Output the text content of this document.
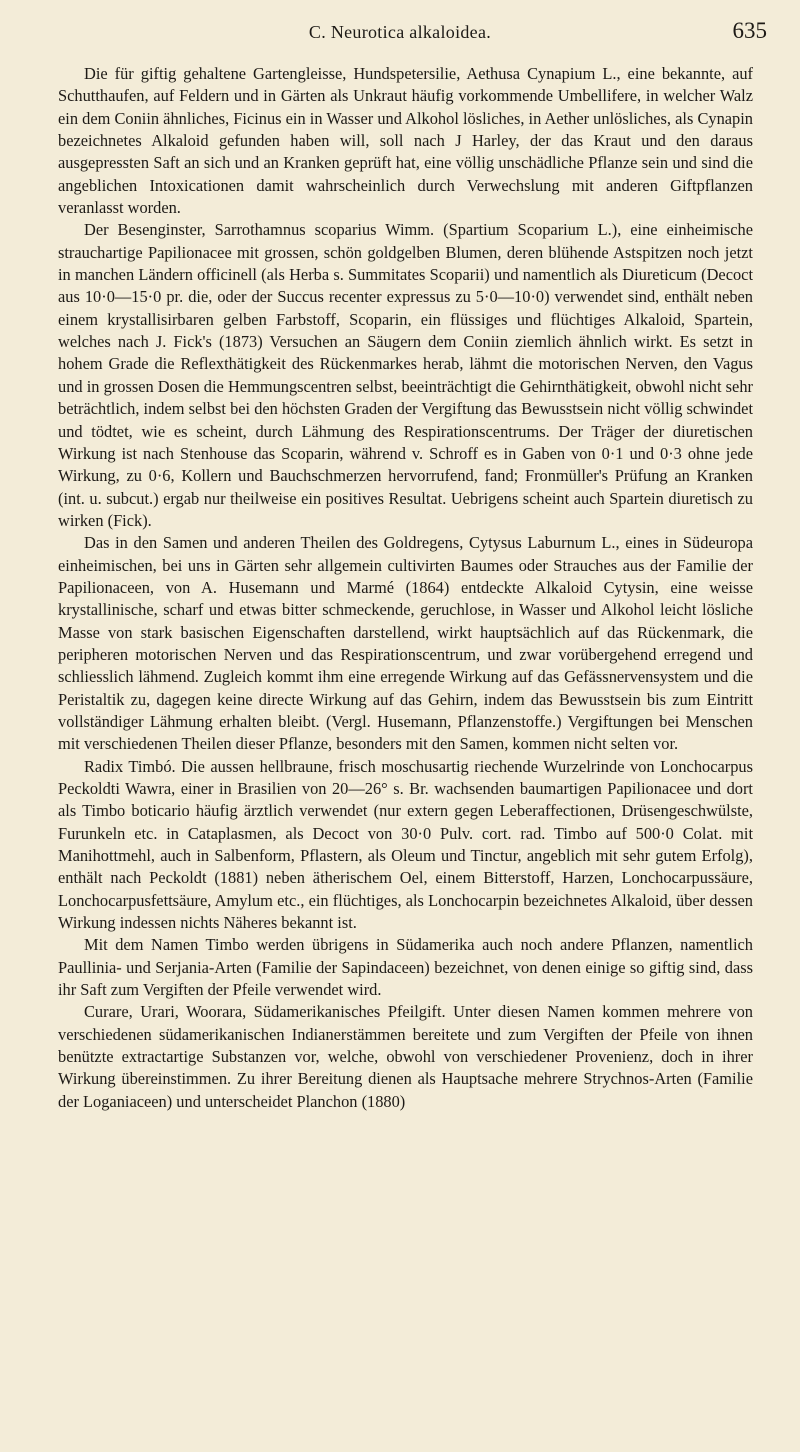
C. Neurotica alkaloidea.	635

Die für giftig gehaltene Gartengleisse, Hundspetersilie, Aethusa Cynapium L., eine bekannte, auf Schutthaufen, auf Feldern und in Gärten als Unkraut häufig vorkommende Umbellifere, in welcher Walz ein dem Coniin ähnliches, Ficinus ein in Wasser und Alkohol lösliches, in Aether unlösliches, als Cynapin bezeichnetes Alkaloid gefunden haben will, soll nach J Harley, der das Kraut und den daraus ausgepressten Saft an sich und an Kranken geprüft hat, eine völlig unschädliche Pflanze sein und sind die angeblichen Intoxicationen damit wahrscheinlich durch Verwechslung mit anderen Giftpflanzen veranlasst worden.

Der Besenginster, Sarrothamnus scoparius Wimm. (Spartium Scoparium L.), eine einheimische strauchartige Papilionacee mit grossen, schön goldgelben Blumen, deren blühende Astspitzen noch jetzt in manchen Ländern officinell (als Herba s. Summitates Scoparii) und namentlich als Diureticum (Decoct aus 10·0—15·0 pr. die, oder der Succus recenter expressus zu 5·0—10·0) verwendet sind, enthält neben einem krystallisirbaren gelben Farbstoff, Scoparin, ein flüssiges und flüchtiges Alkaloid, Spartein, welches nach J. Fick's (1873) Versuchen an Säugern dem Coniin ziemlich ähnlich wirkt. Es setzt in hohem Grade die Reflexthätigkeit des Rückenmarkes herab, lähmt die motorischen Nerven, den Vagus und in grossen Dosen die Hemmungscentren selbst, beeinträchtigt die Gehirnthätigkeit, obwohl nicht sehr beträchtlich, indem selbst bei den höchsten Graden der Vergiftung das Bewusstsein nicht völlig schwindet und tödtet, wie es scheint, durch Lähmung des Respirationscentrums. Der Träger der diuretischen Wirkung ist nach Stenhouse das Scoparin, während v. Schroff es in Gaben von 0·1 und 0·3 ohne jede Wirkung, zu 0·6, Kollern und Bauchschmerzen hervorrufend, fand; Fronmüller's Prüfung an Kranken (int. u. subcut.) ergab nur theilweise ein positives Resultat. Uebrigens scheint auch Spartein diuretisch zu wirken (Fick).

Das in den Samen und anderen Theilen des Goldregens, Cytysus Laburnum L., eines in Südeuropa einheimischen, bei uns in Gärten sehr allgemein cultivirten Baumes oder Strauches aus der Familie der Papilionaceen, von A. Husemann und Marmé (1864) entdeckte Alkaloid Cytysin, eine weisse krystallinische, scharf und etwas bitter schmeckende, geruchlose, in Wasser und Alkohol leicht lösliche Masse von stark basischen Eigenschaften darstellend, wirkt hauptsächlich auf das Rückenmark, die peripheren motorischen Nerven und das Respirationscentrum, und zwar vorübergehend erregend und schliesslich lähmend. Zugleich kommt ihm eine erregende Wirkung auf das Gefässnervensystem und die Peristaltik zu, dagegen keine directe Wirkung auf das Gehirn, indem das Bewusstsein bis zum Eintritt vollständiger Lähmung erhalten bleibt. (Vergl. Husemann, Pflanzenstoffe.) Vergiftungen bei Menschen mit verschiedenen Theilen dieser Pflanze, besonders mit den Samen, kommen nicht selten vor.

Radix Timbó. Die aussen hellbraune, frisch moschusartig riechende Wurzelrinde von Lonchocarpus Peckoldti Wawra, einer in Brasilien von 20—26° s. Br. wachsenden baumartigen Papilionacee und dort als Timbo boticario häufig ärztlich verwendet (nur extern gegen Leberaffectionen, Drüsengeschwülste, Furunkeln etc. in Cataplasmen, als Decoct von 30·0 Pulv. cort. rad. Timbo auf 500·0 Colat. mit Manihottmehl, auch in Salbenform, Pflastern, als Oleum und Tinctur, angeblich mit sehr gutem Erfolg), enthält nach Peckoldt (1881) neben ätherischem Oel, einem Bitterstoff, Harzen, Lonchocarpussäure, Lonchocarpusfettsäure, Amylum etc., ein flüchtiges, als Lonchocarpin bezeichnetes Alkaloid, über dessen Wirkung indessen nichts Näheres bekannt ist.

Mit dem Namen Timbo werden übrigens in Südamerika auch noch andere Pflanzen, namentlich Paullinia- und Serjania-Arten (Familie der Sapindaceen) bezeichnet, von denen einige so giftig sind, dass ihr Saft zum Vergiften der Pfeile verwendet wird.

Curare, Urari, Woorara, Südamerikanisches Pfeilgift. Unter diesen Namen kommen mehrere von verschiedenen südamerikanischen Indianerstämmen bereitete und zum Vergiften der Pfeile von ihnen benützte extractartige Substanzen vor, welche, obwohl von verschiedener Provenienz, doch in ihrer Wirkung übereinstimmen. Zu ihrer Bereitung dienen als Hauptsache mehrere Strychnos-Arten (Familie der Loganiaceen) und unterscheidet Planchon (1880)
